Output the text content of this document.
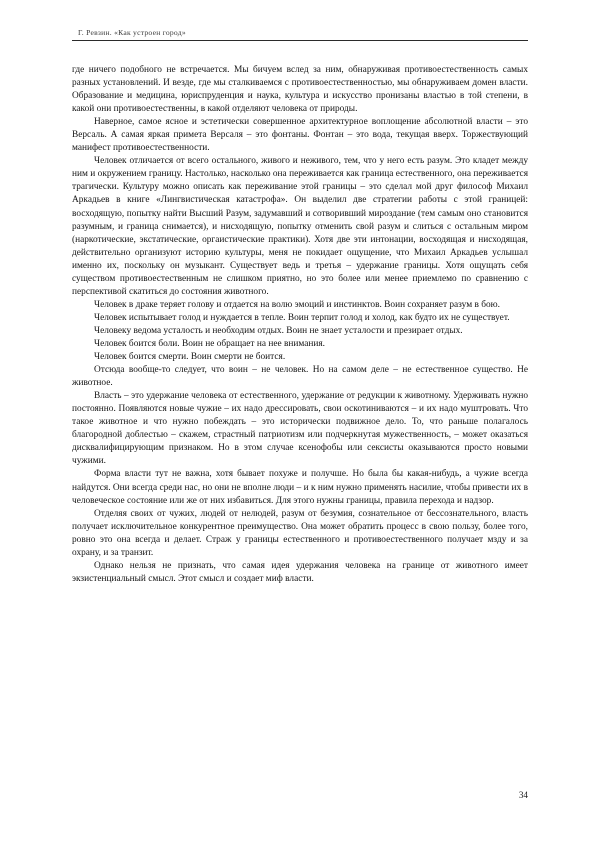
Г. Ревзин. «Как устроен город»

где ничего подобного не встречается. Мы бичуем вслед за ним, обнаруживая противоестественность самых разных установлений. И везде, где мы сталкиваемся с противоестественностью, мы обнаруживаем домен власти. Образование и медицина, юриспруденция и наука, культура и искусство пронизаны властью в той степени, в какой они противоестественны, в какой отделяют человека от природы.

Наверное, самое ясное и эстетически совершенное архитектурное воплощение абсолютной власти – это Версаль. А самая яркая примета Версаля – это фонтаны. Фонтан – это вода, текущая вверх. Торжествующий манифест противоестественности.

Человек отличается от всего остального, живого и неживого, тем, что у него есть разум. Это кладет между ним и окружением границу. Настолько, насколько она переживается как граница естественного, она переживается трагически. Культуру можно описать как переживание этой границы – это сделал мой друг философ Михаил Аркадьев в книге «Лингвистическая катастрофа». Он выделил две стратегии работы с этой границей: восходящую, попытку найти Высший Разум, задумавший и сотворивший мироздание (тем самым оно становится разумным, и граница снимается), и нисходящую, попытку отменить свой разум и слиться с остальным миром (наркотические, экстатические, оргаистические практики). Хотя две эти интонации, восходящая и нисходящая, действительно организуют историю культуры, меня не покидает ощущение, что Михаил Аркадьев услышал именно их, поскольку он музыкант. Существует ведь и третья – удержание границы. Хотя ощущать себя существом противоестественным не слишком приятно, но это более или менее приемлемо по сравнению с перспективой скатиться до состояния животного.

Человек в драке теряет голову и отдается на волю эмоций и инстинктов. Воин сохраняет разум в бою.

Человек испытывает голод и нуждается в тепле. Воин терпит голод и холод, как будто их не существует.

Человеку ведома усталость и необходим отдых. Воин не знает усталости и презирает отдых.

Человек боится боли. Воин не обращает на нее внимания.

Человек боится смерти. Воин смерти не боится.

Отсюда вообще-то следует, что воин – не человек. Но на самом деле – не естественное существо. Не животное.

Власть – это удержание человека от естественного, удержание от редукции к животному. Удерживать нужно постоянно. Появляются новые чужие – их надо дрессировать, свои оскотиниваются – и их надо муштровать. Что такое животное и что нужно побеждать – это исторически подвижное дело. То, что раньше полагалось благородной доблестью – скажем, страстный патриотизм или подчеркнутая мужественность, – может оказаться дисквалифицирующим признаком. Но в этом случае ксенофобы или сексисты оказываются просто новыми чужими.

Форма власти тут не важна, хотя бывает похуже и получше. Но была бы какая-нибудь, а чужие всегда найдутся. Они всегда среди нас, но они не вполне люди – и к ним нужно применять насилие, чтобы привести их в человеческое состояние или же от них избавиться. Для этого нужны границы, правила перехода и надзор.

Отделяя своих от чужих, людей от нелюдей, разум от безумия, сознательное от бессознательного, власть получает исключительное конкурентное преимущество. Она может обратить процесс в свою пользу, более того, ровно это она всегда и делает. Страж у границы естественного и противоестественного получает мзду и за охрану, и за транзит.

Однако нельзя не признать, что самая идея удержания человека на границе от животного имеет экзистенциальный смысл. Этот смысл и создает миф власти.

34
